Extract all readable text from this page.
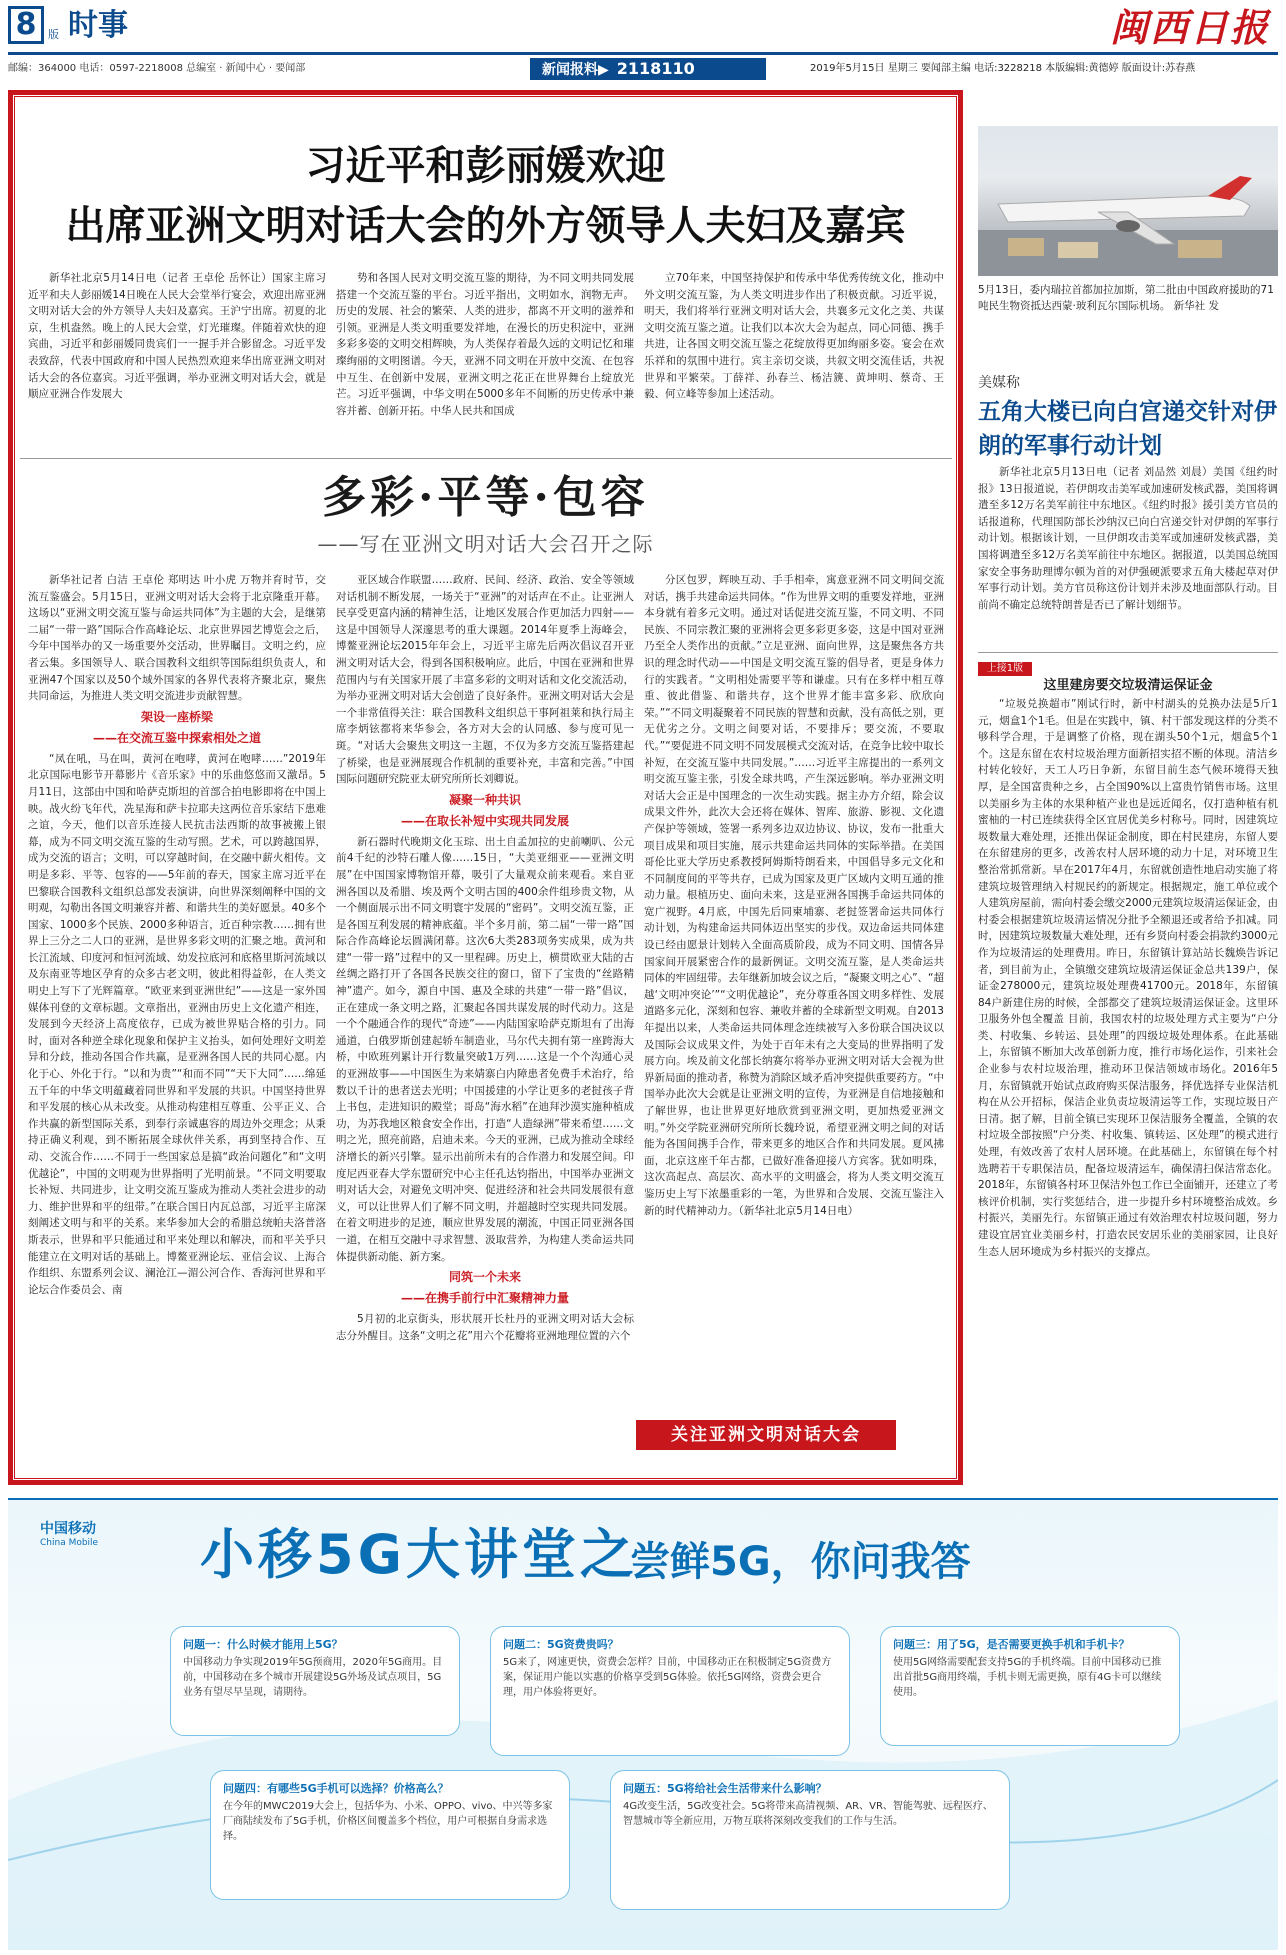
8	版 时事	闽西日报
邮编：364000 电话：0597-2218008 总编室 · 新闻中心 · 要闻部	新闻报料▶ 2118110	2019年5月15日 星期三 要闻部主编 电话:3228218 本版编辑:黄德婷 版面设计:苏春燕
习近平和彭丽媛欢迎
出席亚洲文明对话大会的外方领导人夫妇及嘉宾

新华社北京5月14日电（记者 王卓伦 岳怀让）国家主席习近平和夫人彭丽媛14日晚在人民大会堂举行宴会，欢迎出席亚洲文明对话大会的外方领导人夫妇及嘉宾。王沪宁出席。初夏的北京，生机盎然。晚上的人民大会堂，灯光璀璨。伴随着欢快的迎宾曲，习近平和彭丽媛同贵宾们一一握手并合影留念。习近平发表致辞，代表中国政府和中国人民热烈欢迎来华出席亚洲文明对话大会的各位嘉宾。习近平强调，举办亚洲文明对话大会，就是顺应亚洲合作发展大

势和各国人民对文明交流互鉴的期待，为不同文明共同发展搭建一个交流互鉴的平台。习近平指出，文明如水，润物无声。历史的发展、社会的繁荣、人类的进步，都离不开文明的滋养和引领。亚洲是人类文明重要发祥地，在漫长的历史积淀中，亚洲多彩多姿的文明交相辉映，为人类保存着最久远的文明记忆和璀璨绚丽的文明图谱。今天，亚洲不同文明在开放中交流、在包容中互生、在创新中发展，亚洲文明之花正在世界舞台上绽放光芒。习近平强调，中华文明在5000多年不间断的历史传承中兼容并蓄、创新开拓。中华人民共和国成

立70年来，中国坚持保护和传承中华优秀传统文化，推动中外文明交流互鉴，为人类文明进步作出了积极贡献。习近平说，明天，我们将举行亚洲文明对话大会，共襄多元文化之美、共谋文明交流互鉴之道。让我们以本次大会为起点，同心同德、携手共进，让各国文明交流互鉴之花绽放得更加绚丽多姿。宴会在欢乐祥和的氛围中进行。宾主亲切交谈，共叙文明交流佳话，共祝世界和平繁荣。丁薛祥、孙春兰、杨洁篪、黄坤明、蔡奇、王毅、何立峰等参加上述活动。

多彩·平等·包容
——写在亚洲文明对话大会召开之际

新华社记者 白洁 王卓伦 郑明达 叶小虎 万物并育时节，交流互鉴盛会。5月15日，亚洲文明对话大会将于北京隆重开幕。这场以“亚洲文明交流互鉴与命运共同体”为主题的大会，是继第二届“一带一路”国际合作高峰论坛、北京世界园艺博览会之后，今年中国举办的又一场重要外交活动，世界瞩目。文明之约，应者云集。多国领导人、联合国教科文组织等国际组织负责人，和亚洲47个国家以及50个域外国家的各界代表将齐聚北京，聚焦共同命运，为推进人类文明交流进步贡献智慧。

架设一座桥梁
——在交流互鉴中探索相处之道

“凤在吼，马在叫，黄河在咆哮，黄河在咆哮……”2019年北京国际电影节开幕影片《音乐家》中的乐曲悠悠而又激昂。5月11日，这部由中国和哈萨克斯坦的首部合拍电影即将在中国上映。战火纷飞年代，冼星海和萨卡拉耶夫这两位音乐家结下患难之谊，今天，他们以音乐连接人民抗击法西斯的故事被搬上银幕，成为不同文明交流互鉴的生动写照。艺术，可以跨越国界，成为交流的语言；文明，可以穿越时间，在交融中薪火相传。文明是多彩、平等、包容的——5年前的春天，国家主席习近平在巴黎联合国教科文组织总部发表演讲，向世界深刻阐释中国的文明观，勾勒出各国文明兼容并蓄、和谐共生的美好愿景。40多个国家、1000多个民族、2000多种语言，近百种宗教……拥有世界上三分之二人口的亚洲，是世界多彩文明的汇聚之地。黄河和长江流域、印度河和恒河流域、幼发拉底河和底格里斯河流域以及东南亚等地区孕育的众多古老文明，彼此相得益彰，在人类文明史上写下了光辉篇章。“欧亚来到亚洲世纪”——这是一家外国媒体刊登的文章标题。文章指出，亚洲由历史上文化遗产相连，发展到今天经济上高度依存，已成为被世界贴合格的引力。同时，面对各种逆全球化现象和保护主义抬头，如何处理好文明差异和分歧，推动各国合作共赢，是亚洲各国人民的共同心愿。内化于心、外化于行。“以和为贵”“和而不同”“天下大同”……绵延五千年的中华文明蕴藏着同世界和平发展的共识。中国坚持世界和平发展的核心从未改变。从推动构建相互尊重、公平正义、合作共赢的新型国际关系，到奉行亲诚惠容的周边外交理念；从秉持正确义利观，到不断拓展全球伙伴关系，再到坚持合作、互动、交流合作……不同于一些国家总是搞“政治问题化”和“文明优越论”，中国的文明观为世界指明了光明前景。“不同文明要取长补短、共同进步，让文明交流互鉴成为推动人类社会进步的动力、维护世界和平的纽带。”在联合国日内瓦总部，习近平主席深刻阐述文明与和平的关系。来华参加大会的希腊总统帕夫洛普洛斯表示，世界和平只能通过和平来处理以和解决，而和平关乎只能建立在文明对话的基础上。博鳌亚洲论坛、亚信会议、上海合作组织、东盟系列会议、澜沧江—湄公河合作、香海河世界和平论坛合作委员会、南

亚区域合作联盟……政府、民间、经济、政治、安全等领域对话机制不断发展，一场关于“亚洲”的对话声在不止。让亚洲人民享受更富内涵的精神生活，让地区发展合作更加活力四射——这是中国领导人深邃思考的重大课题。2014年夏季上海峰会，博鳌亚洲论坛2015年年会上，习近平主席先后两次倡议召开亚洲文明对话大会，得到各国积极响应。此后，中国在亚洲和世界范围内与有关国家开展了丰富多彩的文明对话和文化交流活动，为举办亚洲文明对话大会创造了良好条件。亚洲文明对话大会是一个非常值得关注：联合国教科文组织总干事阿祖莱和执行局主席李炳铉都将来华参会，各方对大会的认同感、参与度可见一斑。“对话大会聚焦文明这一主题，不仅为多方交流互鉴搭建起了桥梁，也是亚洲展现合作机制的重要补充，丰富和完善。”中国国际问题研究院亚太研究所所长刘卿说。

凝聚一种共识
——在取长补短中实现共同发展

新石器时代晚期文化玉琮、出土自孟加拉的史前喇叭、公元前4千纪的沙特石雕人像……15日，“大美亚细亚——亚洲文明展”在中国国家博物馆开幕，吸引了大量观众前来观看。来自亚洲各国以及希腊、埃及两个文明古国的400余件组珍贵文物，从一个侧面展示出不同文明寰宇发展的“密码”。文明交流互鉴，正是各国互利发展的精神底蕴。半个多月前，第二届“一带一路”国际合作高峰论坛圆满闭幕。这次6大类283项务实成果，成为共建“一带一路”过程中的又一里程碑。历史上，横贯欧亚大陆的古丝绸之路打开了各国各民族交往的窗口，留下了宝贵的“丝路精神”遗产。如今，源自中国、惠及全球的共建“一带一路”倡议，正在建成一条文明之路，汇聚起各国共谋发展的时代动力。这是一个个融通合作的现代“奇迹”——内陆国家哈萨克斯坦有了出海通道，白俄罗斯创建起轿车制造业，马尔代夫拥有第一座跨海大桥，中欧班列累计开行数量突破1万列……这是一个个沟通心灵的亚洲故事——中国医生为来婧寨白内障患者免费手术治疗，给数以千计的患者送去光明；中国援建的小学让更多的老挝孩子背上书包，走进知识的殿堂；哥岛“海水稻”在迪拜沙漠实施种植成功，为苏我地区粮食安全作出，打造“人造绿洲”带来希望……文明之光，照亮前路，启迪未来。今天的亚洲，已成为推动全球经济增长的新兴引擎。显示出前所未有的合作潜力和发展空间。印度尼西亚春大学东盟研究中心主任孔达钧指出，中国举办亚洲文明对话大会，对避免文明冲突、促进经济和社会共同发展很有意义，可以让世界人们了解不同文明，并超越时空实现共同发展。在着文明进步的足迹，顺应世界发展的潮流，中国正同亚洲各国一道，在相互交融中寻求智慧、汲取营养，为构建人类命运共同体提供新动能、新方案。

同筑一个未来
——在携手前行中汇聚精神力量

5月初的北京街头，形状展开长杜丹的亚洲文明对话大会标志分外醒目。这条“文明之花”用六个花瓣将亚洲地理位置的六个

分区包罗，辉映互动、手手相牵，寓意亚洲不同文明间交流对话，携手共建命运共同体。“作为世界文明的重要发祥地，亚洲本身就有着多元文明。通过对话促进交流互鉴，不同文明、不同民族、不同宗教汇聚的亚洲将会更多彩更多姿，这是中国对亚洲乃至全人类作出的贡献。”立足亚洲、面向世界，这是聚焦各方共识的理念时代动——中国是文明交流互鉴的倡导者，更是身体力行的实践者。“文明相处需要平等和谦虚。只有在多样中相互尊重、彼此借鉴、和谐共存，这个世界才能丰富多彩、欣欣向荣。”“不同文明凝聚着不同民族的智慧和贡献，没有高低之别，更无优劣之分。文明之间要对话，不要排斥；要交流，不要取代。”“要促进不同文明不同发展模式交流对话，在竞争比较中取长补短，在交流互鉴中共同发展。”……习近平主席提出的一系列文明交流互鉴主张，引发全球共鸣，产生深远影响。举办亚洲文明对话大会正是中国理念的一次生动实践。据主办方介绍，除会议成果文件外，此次大会还将在媒体、智库、旅游、影视、文化遗产保护等领域，签署一系列多边双边协议、协议，发布一批重大项目成果和项目实施，展示共建命运共同体的实际举措。在美国哥伦比亚大学历史系教授阿姆斯特朗看来，中国倡导多元文化和不同制度间的平等共存，已成为国家及更广区域内文明互通的推动力量。根植历史、面向未来，这是亚洲各国携手命运共同体的宽广视野。4月底，中国先后同柬埔寨、老挝签署命运共同体行动计划，为构建命运共同体迈出坚实的步伐。双边命运共同体建设已经由愿景计划转入全面高质阶段，成为不同文明、国情各异国家间开展紧密合作的最新例证。文明交流互鉴，是人类命运共同体的牢固纽带。去年继新加坡会议之后，“凝聚文明之心”、“超越‘文明冲突论’”“文明优越论”，充分尊重各国文明多样性、发展道路多元化，深刻和包容、兼收并蓄的全球新型文明观。自2013年提出以来，人类命运共同体理念连续被写入多份联合国决议以及国际会议成果文件，为处于百年未有之大变局的世界指明了发展方向。埃及前文化部长纳赛尔将举办亚洲文明对话大会视为世界新局面的推动者，称赞为消除区域矛盾冲突提供重要药方。“中国举办此次大会就是让亚洲文明的宣传，为亚洲是自信地接触和了解世界，也让世界更好地欣赏到亚洲文明，更加热爱亚洲文明。”外交学院亚洲研究所所长魏玲说，希望亚洲文明之间的对话能为各国间携手合作，带来更多的地区合作和共同发展。夏风拂面，北京这座千年古都，已做好准备迎接八方宾客。犹如明珠，这次高起点、高层次、高水平的文明盛会，将为人类文明交流互鉴历史上写下浓墨重彩的一笔，为世界和合发展、交流互鉴注入新的时代精神动力。（新华社北京5月14日电）

关注亚洲文明对话大会
5月13日，委内瑞拉首都加拉加斯，第二批由中国政府援助的71吨民生物资抵达西蒙·玻利瓦尔国际机场。 新华社 发
美媒称
五角大楼已向白宫递交针对伊朗的军事行动计划

新华社北京5月13日电（记者 刘品然 刘晨）美国《纽约时报》13日报道说，若伊朗攻击美军或加速研发核武器，美国将调遣至多12万名美军前往中东地区。《纽约时报》援引美方官员的话报道称，代理国防部长沙纳汉已向白宫递交针对伊朗的军事行动计划。根据该计划，一旦伊朗攻击美军或加速研发核武器，美国将调遣至多12万名美军前往中东地区。据报道，以美国总统国家安全事务助理博尔顿为首的对伊强硬派要求五角大楼起草对伊军事行动计划。美方官员称这份计划并未涉及地面部队行动。目前尚不确定总统特朗普是否已了解计划细节。

上接1版
这里建房要交垃圾清运保证金

“垃圾兑换超市”刚试行时，新中村湖头的兑换办法是5斤1元，烟盒1个1毛。但是在实践中，镇、村干部发现这样的分类不够科学合理，于是调整了价格，现在湖头50个1元，烟盒5个1个。这是东留在农村垃圾治理方面新招实招不断的体现。清洁乡村转化较好，天工人巧日争新，东留目前生态气候环境得天独厚，是全国富贵种之乡，占全国90%以上富贵竹销售市场。这里以美丽乡为主体的水果种植产业也是远近闻名，仅打造种植有机蜜柚的一村已连续获得全区宜居优美乡村称号。同时，因建筑垃圾数量大难处理，还推出保证金制度，即在村民建房，东留人要在东留建房的更多，改善农村人居环境的动力十足，对环境卫生整治常抓常新。早在2017年4月，东留就创造性地启动实施了将建筑垃圾管理纳入村规民约的新规定。根据规定，施工单位或个人建筑房屋前，需向村委会缴交2000元建筑垃圾清运保证金，由村委会根据建筑垃圾清运情况分批予全额退还或者给予扣减。同时，因建筑垃圾数量大难处理，还有乡贤向村委会捐款约3000元作为垃圾清运的处理费用。昨日，东留镇计算站站长魏焕告诉记者，到目前为止，全镇缴交建筑垃圾清运保证金总共139户，保证金278000元，建筑垃圾处理费41700元。2018年，东留镇84户新建住房的时候，全部都交了建筑垃圾清运保证金。这里环卫服务外包全覆盖 目前，我国农村的垃圾处理方式主要为“户分类、村收集、乡转运、县处理”的四级垃圾处理体系。在此基础上，东留镇不断加大改革创新力度，推行市场化运作，引来社会企业参与农村垃圾治理，推动环卫保洁领域市场化。2016年5月，东留镇就开始试点政府购买保洁服务，择优选择专业保洁机构在从公开招标，保洁企业负责垃圾清运等工作，实现垃圾日产日清。据了解，目前全镇已实现环卫保洁服务全覆盖，全镇的农村垃圾全部按照“户分类、村收集、镇转运、区处理”的模式进行处理，有效改善了农村人居环境。在此基础上，东留镇在每个村选聘若干专职保洁员，配备垃圾清运车，确保清扫保洁常态化。2018年，东留镇各村环卫保洁外包工作已全面铺开，还建立了考核评价机制，实行奖惩结合，进一步提升乡村环境整治成效。乡村振兴，美丽先行。东留镇正通过有效治理农村垃圾问题，努力建设宜居宜业美丽乡村，打造农民安居乐业的美丽家园，让良好生态人居环境成为乡村振兴的支撑点。

中国移动
China Mobile 小移5G大讲堂之
尝鲜5G，你问我答
问题一：什么时候才能用上5G？
中国移动力争实现2019年5G预商用，2020年5G商用。目前，中国移动在多个城市开展建设5G外场及试点项目，5G业务有望尽早呈现，请期待。
问题二：5G资费贵吗？
5G来了，网速更快，资费会怎样？目前，中国移动正在积极制定5G资费方案，保证用户能以实惠的价格享受到5G体验。依托5G网络，资费会更合理，用户体验将更好。
问题三：用了5G，是否需要更换手机和手机卡？
使用5G网络需要配套支持5G的手机终端。目前中国移动已推出首批5G商用终端，手机卡则无需更换，原有4G卡可以继续使用。
问题四：有哪些5G手机可以选择？价格高么？
在今年的MWC2019大会上，包括华为、小米、OPPO、vivo、中兴等多家厂商陆续发布了5G手机，价格区间覆盖多个档位，用户可根据自身需求选择。
问题五：5G将给社会生活带来什么影响？
4G改变生活，5G改变社会。5G将带来高清视频、AR、VR、智能驾驶、远程医疗、智慧城市等全新应用，万物互联将深刻改变我们的工作与生活。
